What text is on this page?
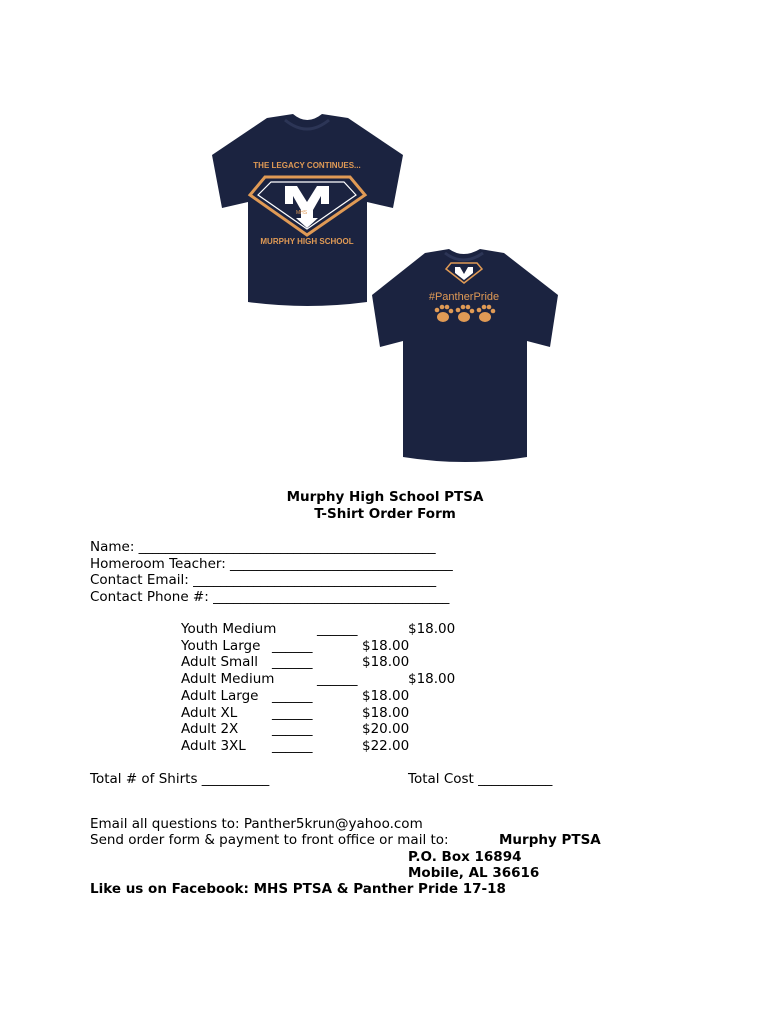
THE LEGACY CONTINUES...
MHS
MURPHY HIGH SCHOOL
#PantherPride
Murphy High School PTSA
T-Shirt Order Form
Name: ____________________________________________
Homeroom Teacher: _________________________________
Contact Email: ____________________________________
Contact Phone #: ___________________________________
Youth Medium	______	$18.00
Youth Large ______	$18.00
Adult Small ______	$18.00
Adult Medium	______	$18.00
Adult Large ______	$18.00
Adult XL	______	$18.00
Adult 2X ______	$20.00
Adult 3XL ______	$22.00
Total # of Shirts __________	Total Cost ___________
Email all questions to: Panther5krun@yahoo.com
Send order form & payment to front office or mail to:	Murphy PTSA
P.O. Box 16894
Mobile, AL 36616
Like us on Facebook: MHS PTSA & Panther Pride 17-18
